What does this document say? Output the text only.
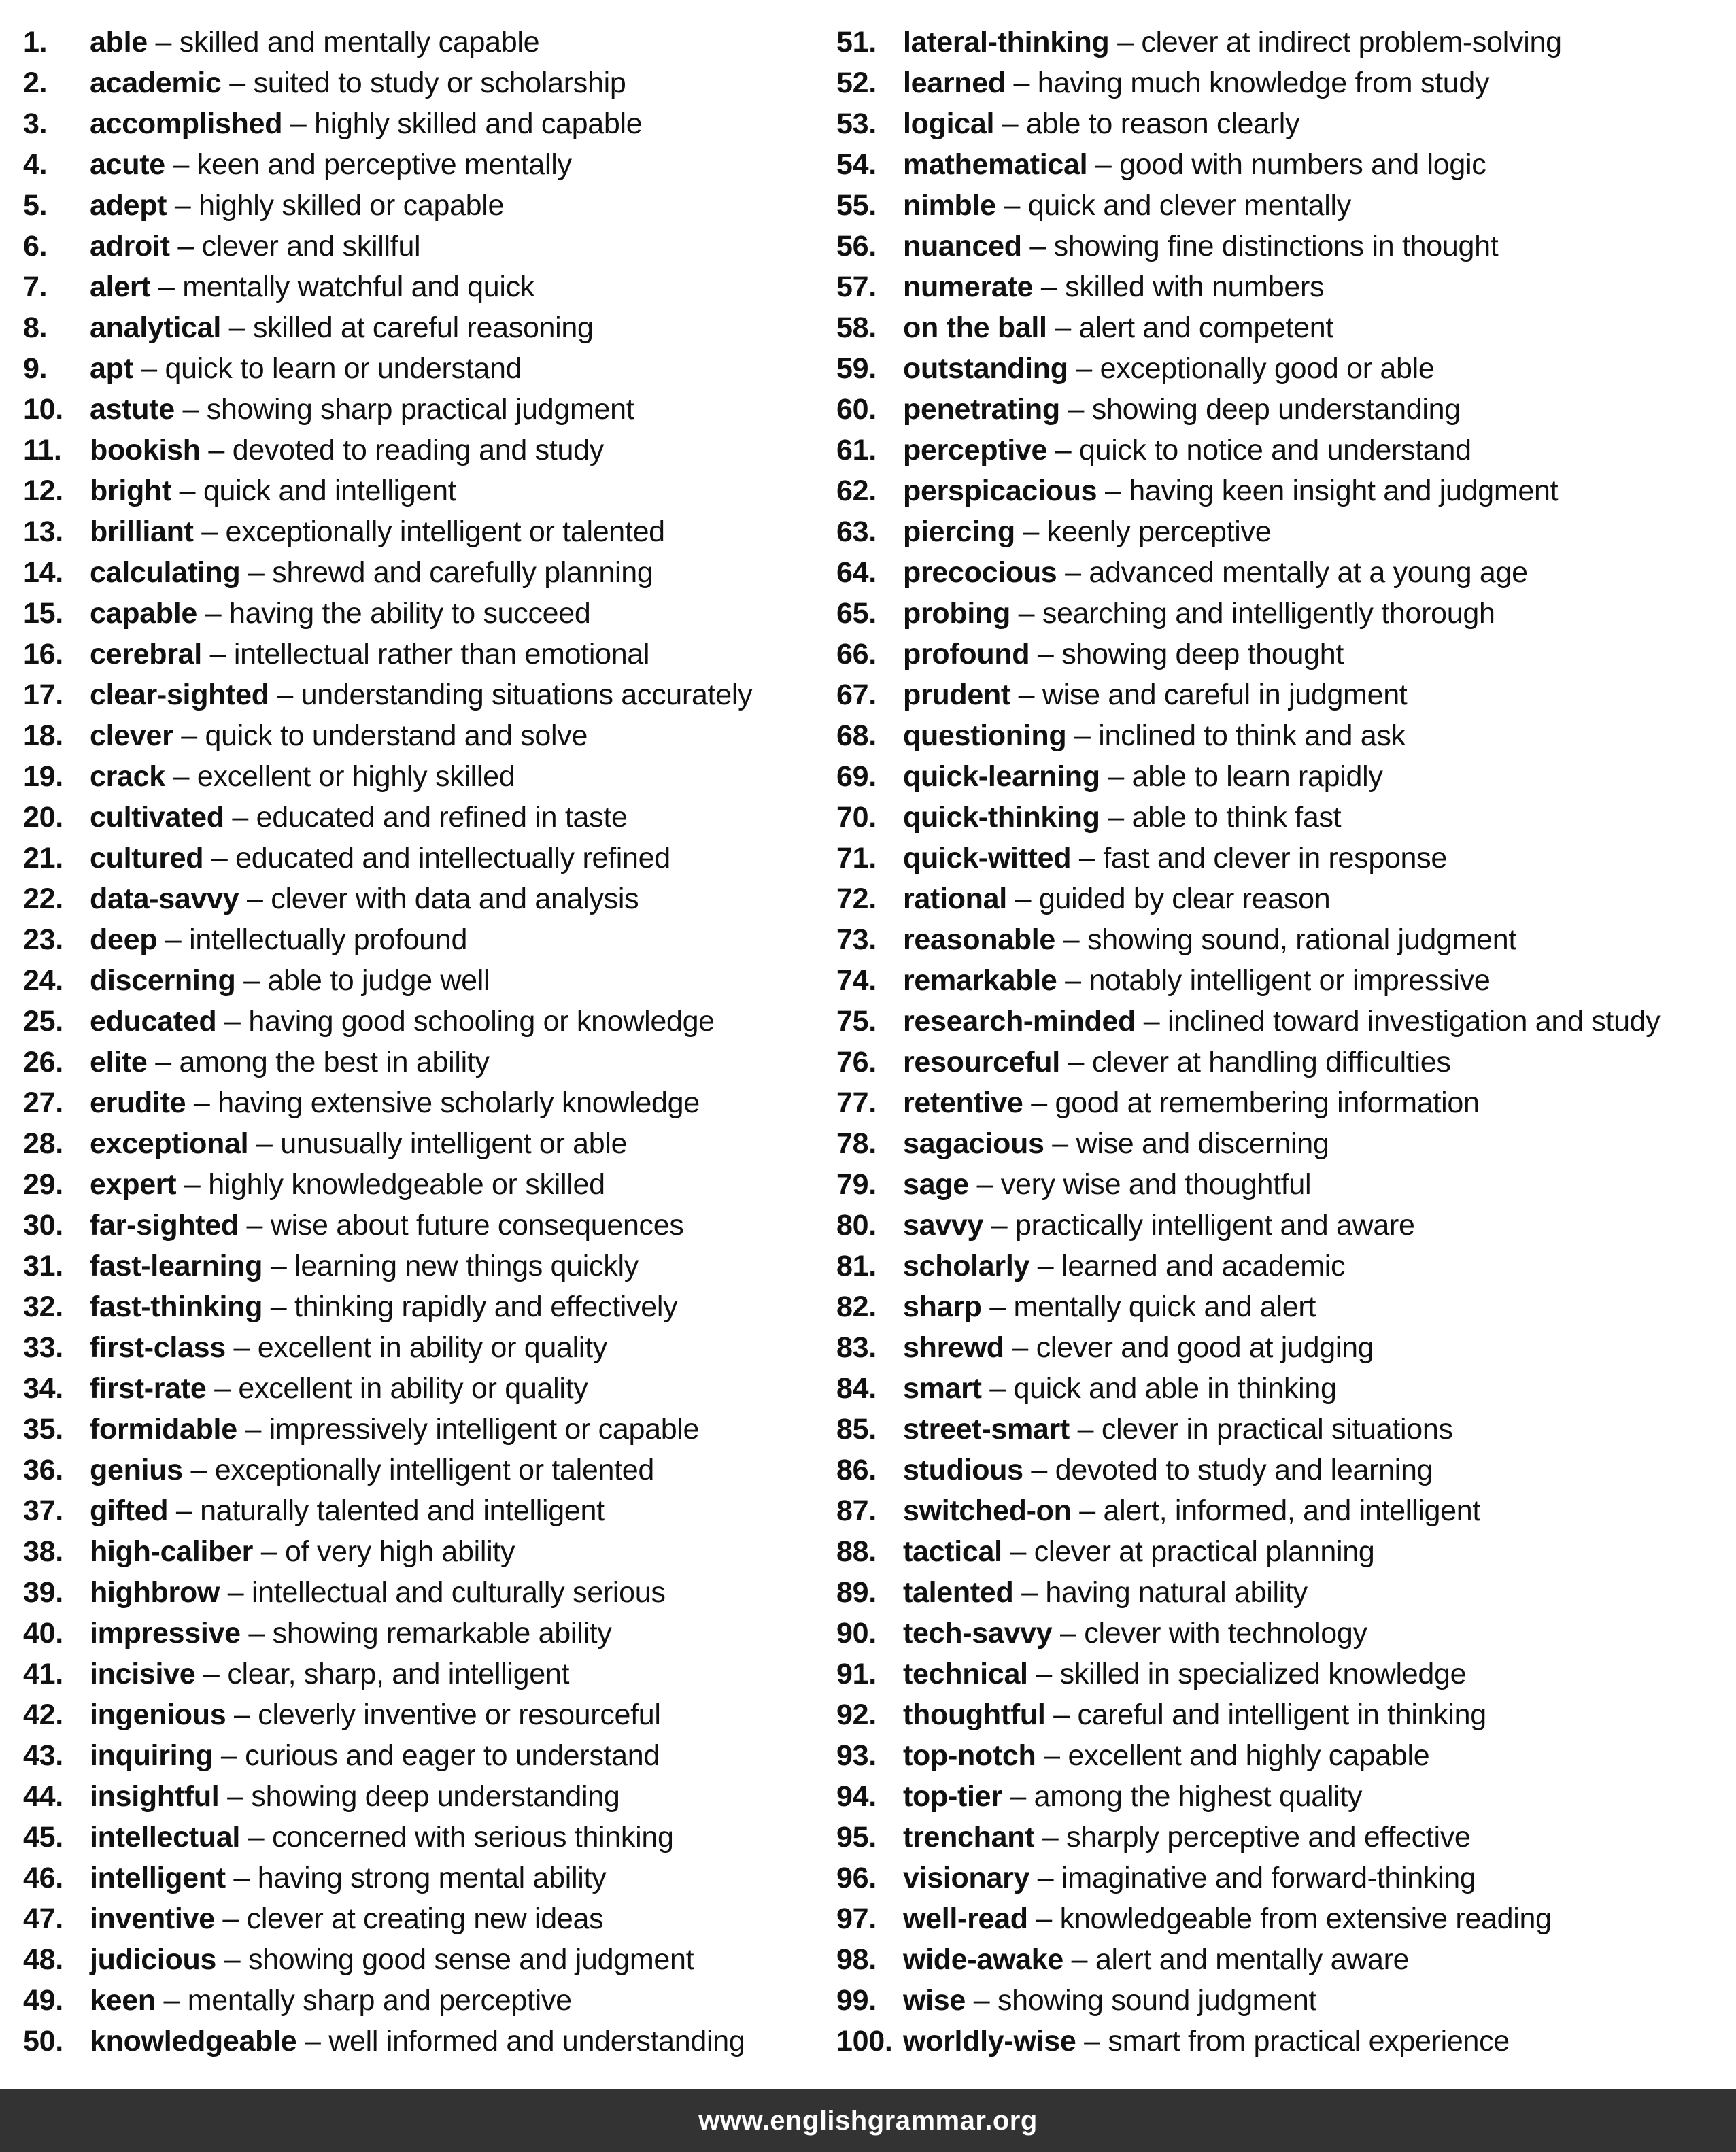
1. able – skilled and mentally capable
2. academic – suited to study or scholarship
3. accomplished – highly skilled and capable
4. acute – keen and perceptive mentally
5. adept – highly skilled or capable
6. adroit – clever and skillful
7. alert – mentally watchful and quick
8. analytical – skilled at careful reasoning
9. apt – quick to learn or understand
10. astute – showing sharp practical judgment
11. bookish – devoted to reading and study
12. bright – quick and intelligent
13. brilliant – exceptionally intelligent or talented
14. calculating – shrewd and carefully planning
15. capable – having the ability to succeed
16. cerebral – intellectual rather than emotional
17. clear-sighted – understanding situations accurately
18. clever – quick to understand and solve
19. crack – excellent or highly skilled
20. cultivated – educated and refined in taste
21. cultured – educated and intellectually refined
22. data-savvy – clever with data and analysis
23. deep – intellectually profound
24. discerning – able to judge well
25. educated – having good schooling or knowledge
26. elite – among the best in ability
27. erudite – having extensive scholarly knowledge
28. exceptional – unusually intelligent or able
29. expert – highly knowledgeable or skilled
30. far-sighted – wise about future consequences
31. fast-learning – learning new things quickly
32. fast-thinking – thinking rapidly and effectively
33. first-class – excellent in ability or quality
34. first-rate – excellent in ability or quality
35. formidable – impressively intelligent or capable
36. genius – exceptionally intelligent or talented
37. gifted – naturally talented and intelligent
38. high-caliber – of very high ability
39. highbrow – intellectual and culturally serious
40. impressive – showing remarkable ability
41. incisive – clear, sharp, and intelligent
42. ingenious – cleverly inventive or resourceful
43. inquiring – curious and eager to understand
44. insightful – showing deep understanding
45. intellectual – concerned with serious thinking
46. intelligent – having strong mental ability
47. inventive – clever at creating new ideas
48. judicious – showing good sense and judgment
49. keen – mentally sharp and perceptive
50. knowledgeable – well informed and understanding
51. lateral-thinking – clever at indirect problem-solving
52. learned – having much knowledge from study
53. logical – able to reason clearly
54. mathematical – good with numbers and logic
55. nimble – quick and clever mentally
56. nuanced – showing fine distinctions in thought
57. numerate – skilled with numbers
58. on the ball – alert and competent
59. outstanding – exceptionally good or able
60. penetrating – showing deep understanding
61. perceptive – quick to notice and understand
62. perspicacious – having keen insight and judgment
63. piercing – keenly perceptive
64. precocious – advanced mentally at a young age
65. probing – searching and intelligently thorough
66. profound – showing deep thought
67. prudent – wise and careful in judgment
68. questioning – inclined to think and ask
69. quick-learning – able to learn rapidly
70. quick-thinking – able to think fast
71. quick-witted – fast and clever in response
72. rational – guided by clear reason
73. reasonable – showing sound, rational judgment
74. remarkable – notably intelligent or impressive
75. research-minded – inclined toward investigation and study
76. resourceful – clever at handling difficulties
77. retentive – good at remembering information
78. sagacious – wise and discerning
79. sage – very wise and thoughtful
80. savvy – practically intelligent and aware
81. scholarly – learned and academic
82. sharp – mentally quick and alert
83. shrewd – clever and good at judging
84. smart – quick and able in thinking
85. street-smart – clever in practical situations
86. studious – devoted to study and learning
87. switched-on – alert, informed, and intelligent
88. tactical – clever at practical planning
89. talented – having natural ability
90. tech-savvy – clever with technology
91. technical – skilled in specialized knowledge
92. thoughtful – careful and intelligent in thinking
93. top-notch – excellent and highly capable
94. top-tier – among the highest quality
95. trenchant – sharply perceptive and effective
96. visionary – imaginative and forward-thinking
97. well-read – knowledgeable from extensive reading
98. wide-awake – alert and mentally aware
99. wise – showing sound judgment
100. worldly-wise – smart from practical experience
www.englishgrammar.org
